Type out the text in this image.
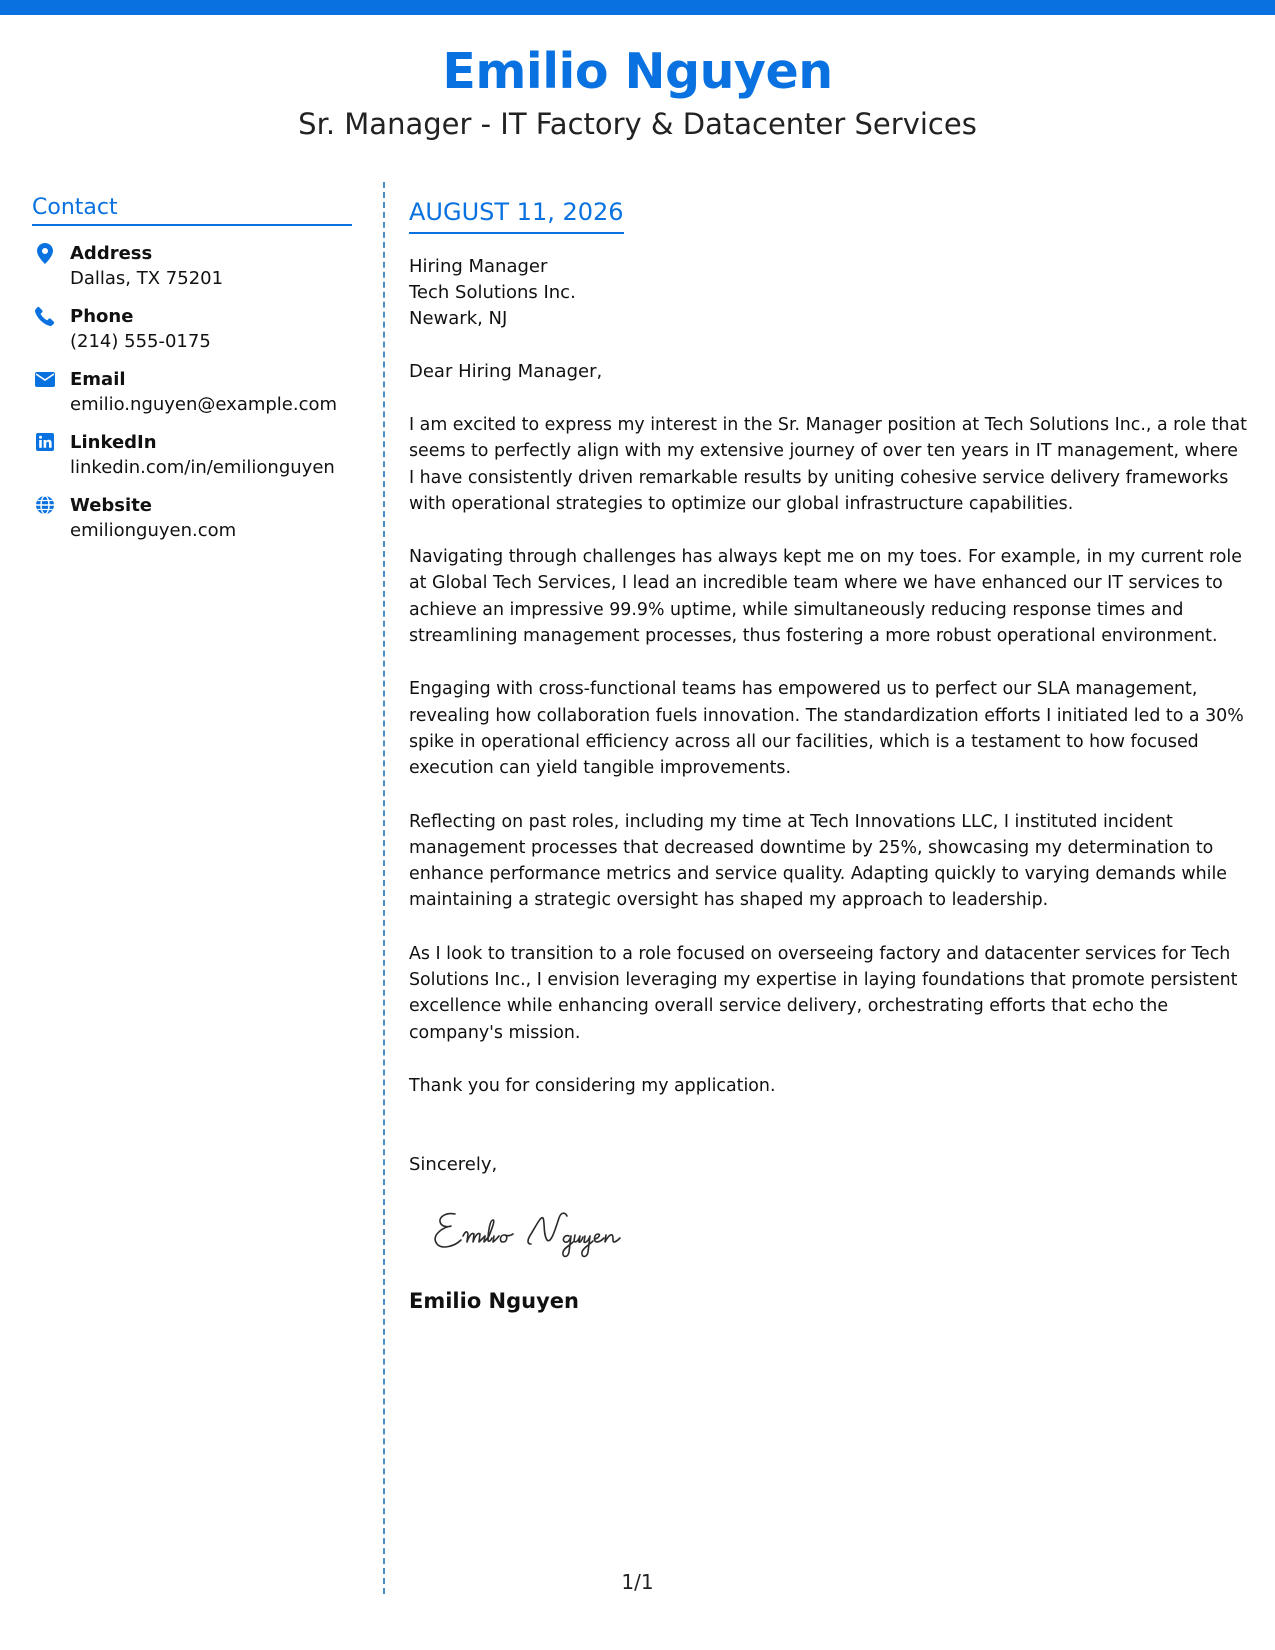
Emilio Nguyen
Sr. Manager - IT Factory & Datacenter Services
Contact
Address
Dallas, TX 75201
Phone
(214) 555-0175
Email
emilio.nguyen@example.com
LinkedIn
linkedin.com/in/emilionguyen
Website
emilionguyen.com
AUGUST 11, 2026
Hiring Manager
Tech Solutions Inc.
Newark, NJ
Dear Hiring Manager,
I am excited to express my interest in the Sr. Manager position at Tech Solutions Inc., a role that seems to perfectly align with my extensive journey of over ten years in IT management, where I have consistently driven remarkable results by uniting cohesive service delivery frameworks with operational strategies to optimize our global infrastructure capabilities.
Navigating through challenges has always kept me on my toes. For example, in my current role at Global Tech Services, I lead an incredible team where we have enhanced our IT services to achieve an impressive 99.9% uptime, while simultaneously reducing response times and streamlining management processes, thus fostering a more robust operational environment.
Engaging with cross-functional teams has empowered us to perfect our SLA management, revealing how collaboration fuels innovation. The standardization efforts I initiated led to a 30% spike in operational efficiency across all our facilities, which is a testament to how focused execution can yield tangible improvements.
Reflecting on past roles, including my time at Tech Innovations LLC, I instituted incident management processes that decreased downtime by 25%, showcasing my determination to enhance performance metrics and service quality. Adapting quickly to varying demands while maintaining a strategic oversight has shaped my approach to leadership.
As I look to transition to a role focused on overseeing factory and datacenter services for Tech Solutions Inc., I envision leveraging my expertise in laying foundations that promote persistent excellence while enhancing overall service delivery, orchestrating efforts that echo the company's mission.
Thank you for considering my application.
Sincerely,
Emilio Nguyen
1/1
